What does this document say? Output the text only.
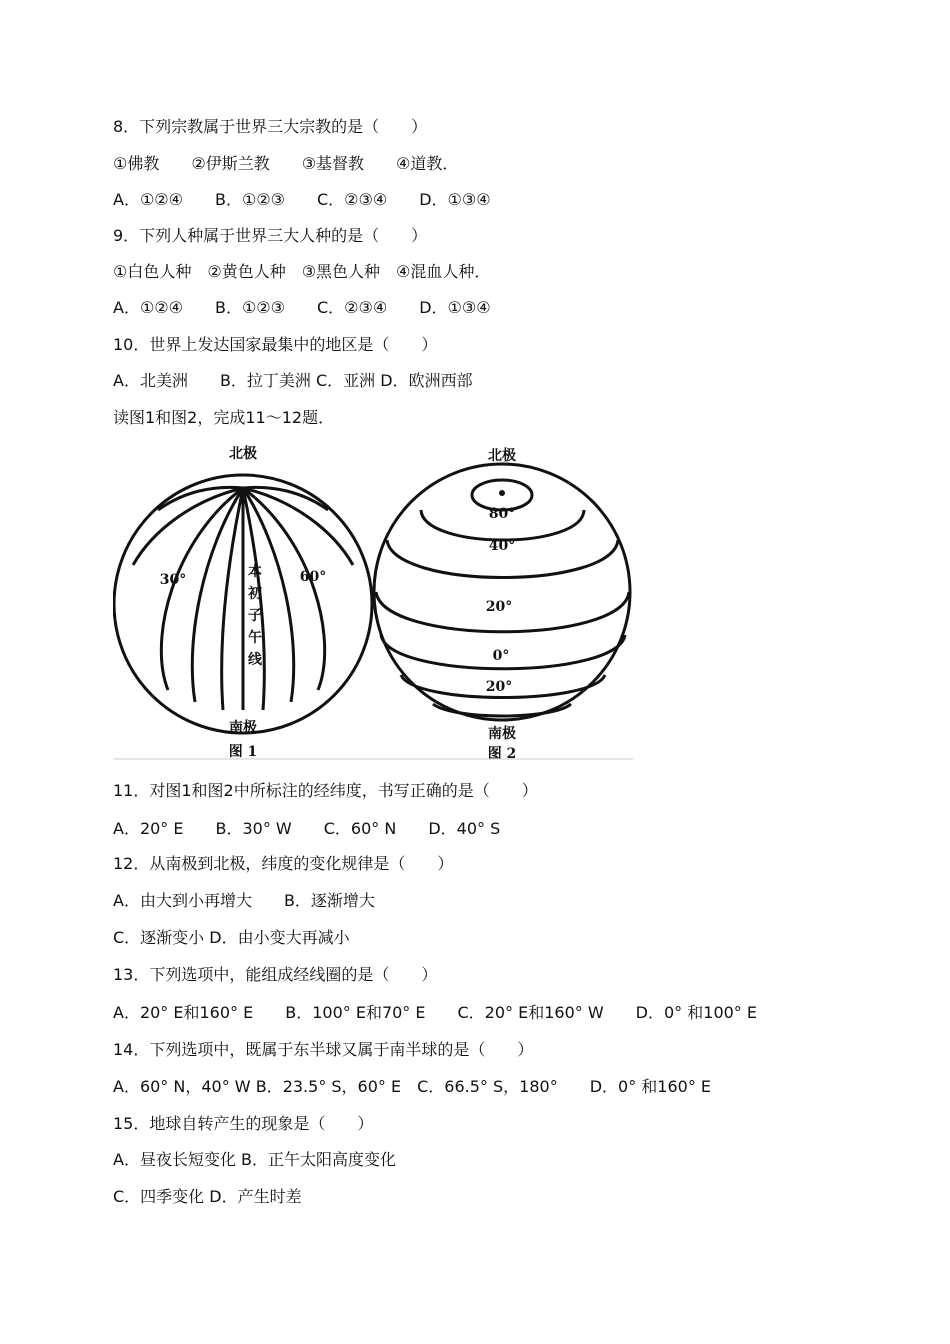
8．下列宗教属于世界三大宗教的是（　　）
①佛教　　②伊斯兰教　　③基督教　　④道教．
A．①②④　　B．①②③　　C．②③④　　D．①③④
9．下列人种属于世界三大人种的是（　　）
①白色人种　②黄色人种　③黑色人种　④混血人种．
A．①②④　　B．①②③　　C．②③④　　D．①③④
10．世界上发达国家最集中的地区是（　　）
A．北美洲　　B．拉丁美洲 C．亚洲 D．欧洲西部
读图1和图2，完成11～12题．
北极
30°	60°
本
初
子
午
线
南极
图 1
北极
80°
40°
20°
0°
20°
南极
图 2
11．对图1和图2中所标注的经纬度，书写正确的是（　　）
A．20° E　　B．30° W　　C．60° N　　D．40° S
12．从南极到北极，纬度的变化规律是（　　）
A．由大到小再增大　　B．逐渐增大
C．逐渐变小 D．由小变大再减小
13．下列选项中，能组成经线圈的是（　　）
A．20° E和160° E　　B．100° E和70° E　　C．20° E和160° W　　D．0° 和100° E
14．下列选项中，既属于东半球又属于南半球的是（　　）
A．60° N，40° W B．23.5° S，60° E　C．66.5° S，180°　　D．0° 和160° E
15．地球自转产生的现象是（　　）
A．昼夜长短变化 B．正午太阳高度变化
C．四季变化 D．产生时差
